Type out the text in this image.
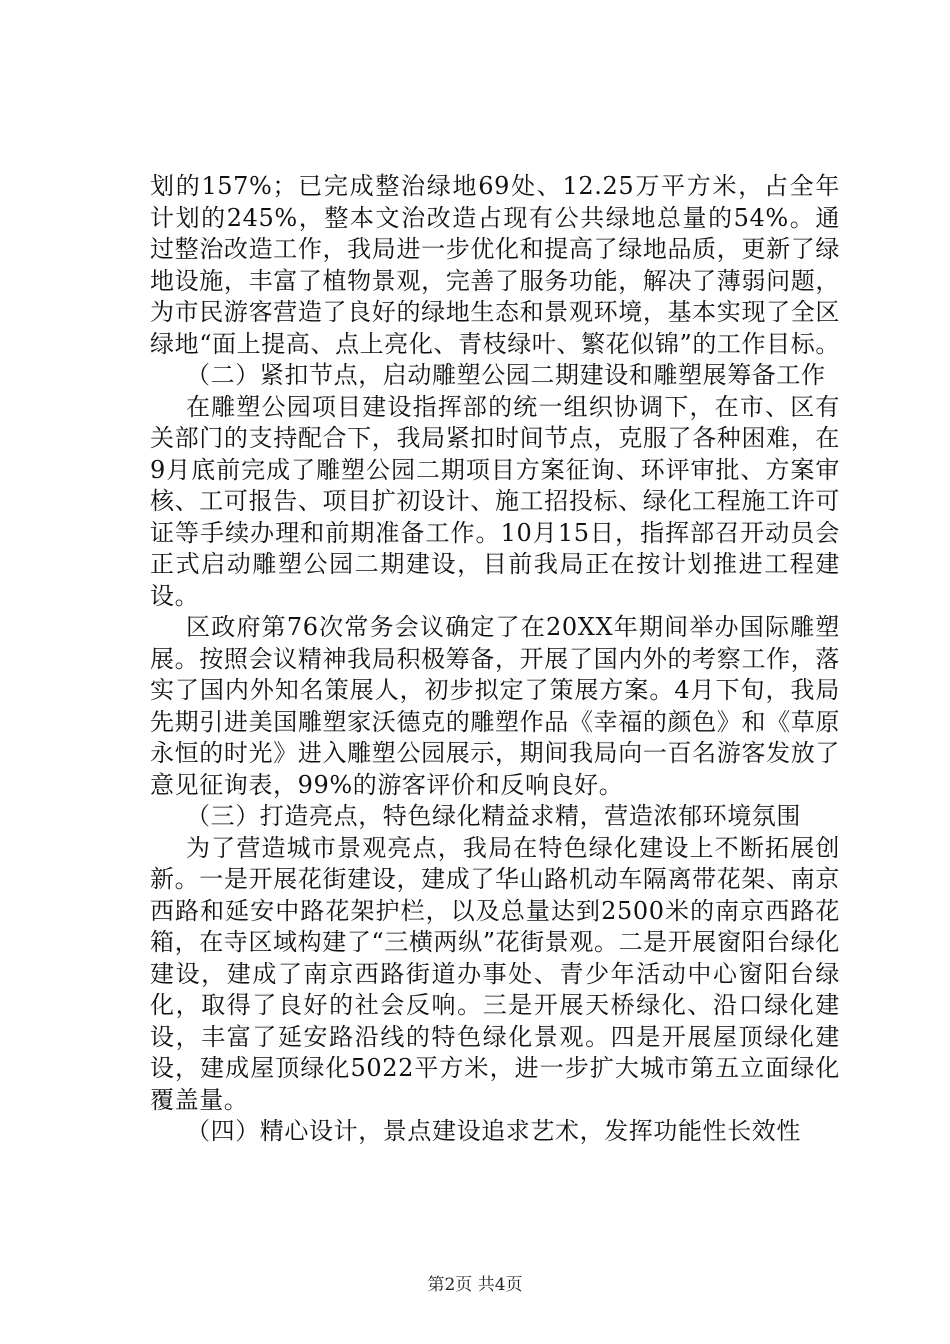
划的157%；已完成整治绿地69处、12.25万平方米，占全年计划的245%，整本文治改造占现有公共绿地总量的54%。通过整治改造工作，我局进一步优化和提高了绿地品质，更新了绿地设施，丰富了植物景观，完善了服务功能，解决了薄弱问题，为市民游客营造了良好的绿地生态和景观环境，基本实现了全区绿地“面上提高、点上亮化、青枝绿叶、繁花似锦”的工作目标。

（二）紧扣节点，启动雕塑公园二期建设和雕塑展筹备工作

在雕塑公园项目建设指挥部的统一组织协调下，在市、区有关部门的支持配合下，我局紧扣时间节点，克服了各种困难，在9月底前完成了雕塑公园二期项目方案征询、环评审批、方案审核、工可报告、项目扩初设计、施工招投标、绿化工程施工许可证等手续办理和前期准备工作。10月15日，指挥部召开动员会正式启动雕塑公园二期建设，目前我局正在按计划推进工程建设。

区政府第76次常务会议确定了在20XX年期间举办国际雕塑展。按照会议精神我局积极筹备，开展了国内外的考察工作，落实了国内外知名策展人，初步拟定了策展方案。4月下旬，我局先期引进美国雕塑家沃德克的雕塑作品《幸福的颜色》和《草原永恒的时光》进入雕塑公园展示，期间我局向一百名游客发放了意见征询表，99%的游客评价和反响良好。

（三）打造亮点，特色绿化精益求精，营造浓郁环境氛围

为了营造城市景观亮点，我局在特色绿化建设上不断拓展创新。一是开展花街建设，建成了华山路机动车隔离带花架、南京西路和延安中路花架护栏，以及总量达到2500米的南京西路花箱，在寺区域构建了“三横两纵”花街景观。二是开展窗阳台绿化建设，建成了南京西路街道办事处、青少年活动中心窗阳台绿化，取得了良好的社会反响。三是开展天桥绿化、沿口绿化建设，丰富了延安路沿线的特色绿化景观。四是开展屋顶绿化建设，建成屋顶绿化5022平方米，进一步扩大城市第五立面绿化覆盖量。

（四）精心设计，景点建设追求艺术，发挥功能性长效性

第2页 共4页
